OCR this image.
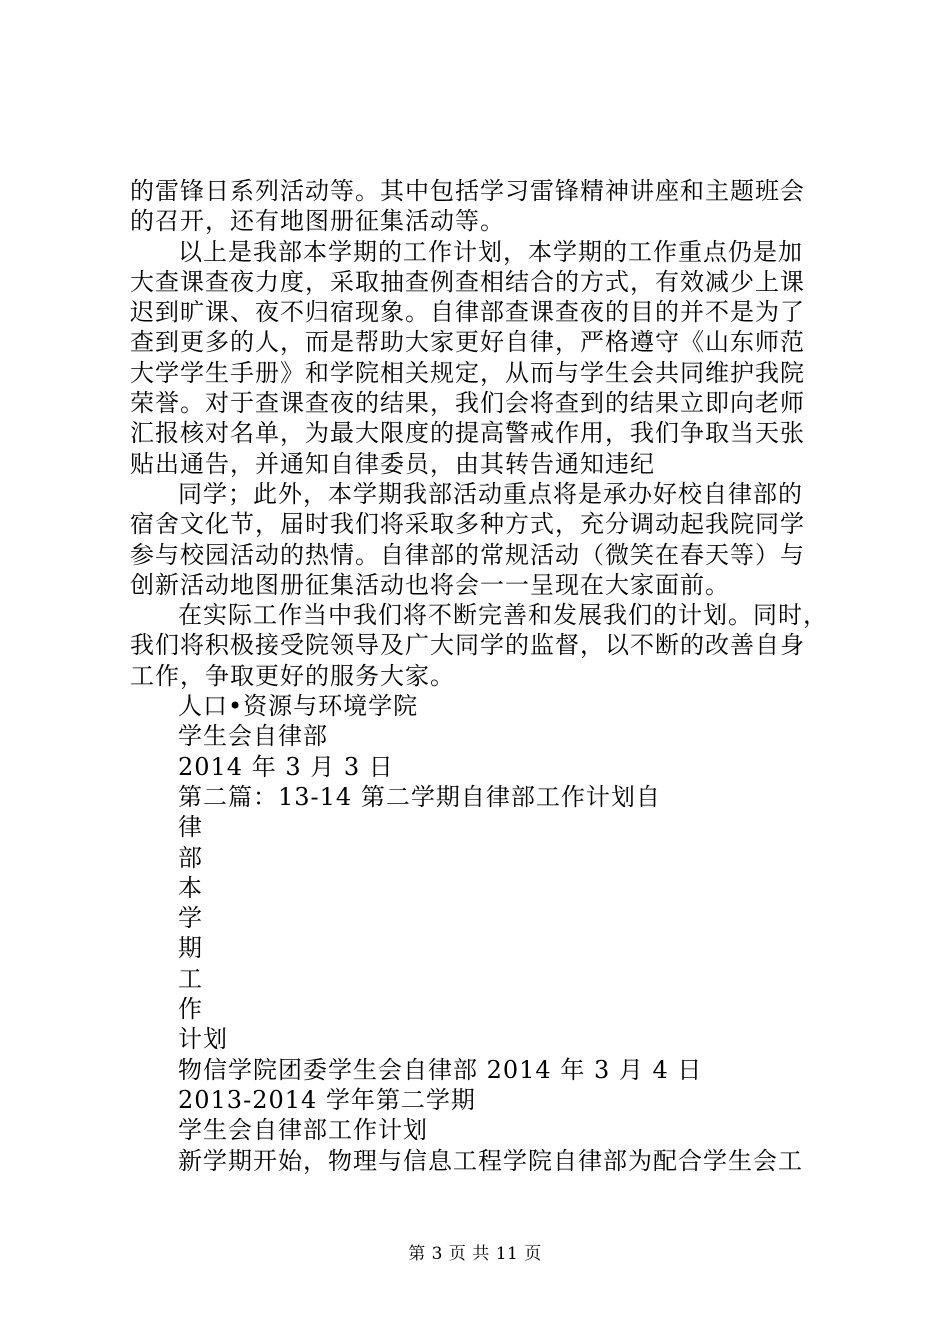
的雷锋日系列活动等。其中包括学习雷锋精神讲座和主题班会
的召开，还有地图册征集活动等。
以上是我部本学期的工作计划，本学期的工作重点仍是加
大查课查夜力度，采取抽查例查相结合的方式，有效减少上课
迟到旷课、夜不归宿现象。自律部查课查夜的目的并不是为了
查到更多的人，而是帮助大家更好自律，严格遵守《山东师范
大学学生手册》和学院相关规定，从而与学生会共同维护我院
荣誉。对于查课查夜的结果，我们会将查到的结果立即向老师
汇报核对名单，为最大限度的提高警戒作用，我们争取当天张
贴出通告，并通知自律委员，由其转告通知违纪
同学；此外，本学期我部活动重点将是承办好校自律部的
宿舍文化节，届时我们将采取多种方式，充分调动起我院同学
参与校园活动的热情。自律部的常规活动（微笑在春天等）与
创新活动地图册征集活动也将会一一呈现在大家面前。
在实际工作当中我们将不断完善和发展我们的计划。同时，
我们将积极接受院领导及广大同学的监督，以不断的改善自身
工作，争取更好的服务大家。
人口•资源与环境学院
学生会自律部
2014 年 3 月 3 日
第二篇：13-14 第二学期自律部工作计划自
律
部
本
学
期
工
作
计划
物信学院团委学生会自律部 2014 年 3 月 4 日
2013-2014 学年第二学期
学生会自律部工作计划
新学期开始，物理与信息工程学院自律部为配合学生会工
第 3 页 共 11 页
